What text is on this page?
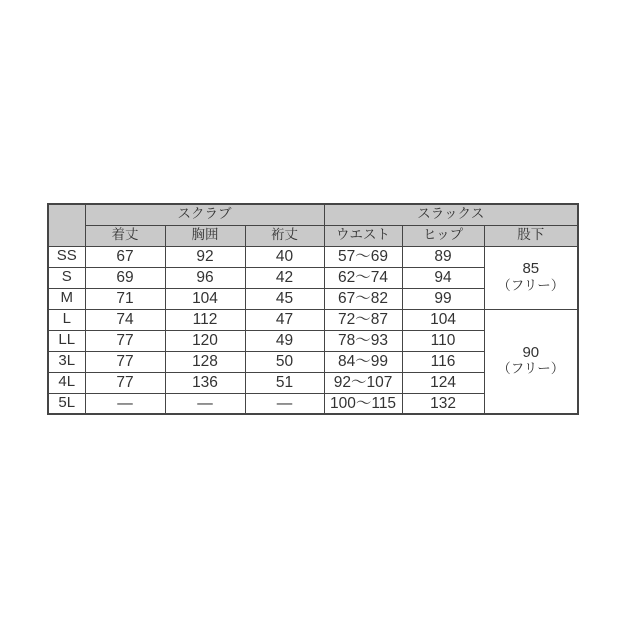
	スクラブ			スラックス		
	着丈	胸囲	裄丈	ウエスト	ヒップ	股下
SS	67	92	40	57～69	89	85
（フリー）
S	69	96	42	62～74	94	
M	71	104	45	67～82	99	
L	74	112	47	72～87	104	90
（フリー）
LL	77	120	49	78～93	110	
3L	77	128	50	84～99	116	
4L	77	136	51	92～107	124	
5L	—	—	—	100～115	132	
